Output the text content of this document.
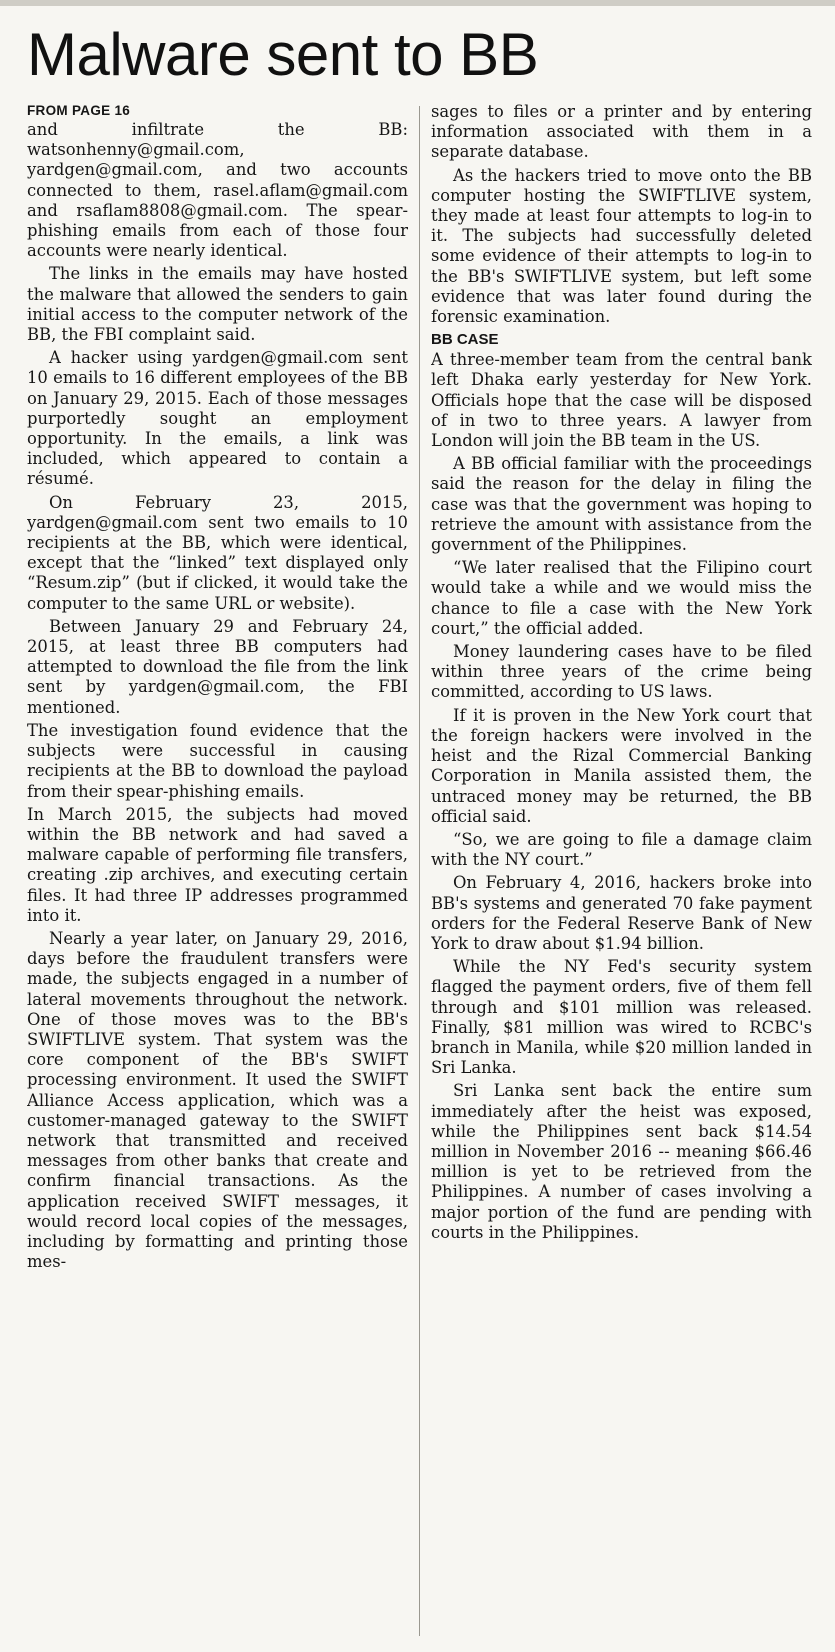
Malware sent to BB
FROM PAGE 16

and infiltrate the BB: watsonhenny@gmail.com, yardgen@gmail.com, and two accounts connected to them, rasel.aflam@gmail.com and rsaflam8808@gmail.com. The spear-phishing emails from each of those four accounts were nearly identical.

The links in the emails may have hosted the malware that allowed the senders to gain initial access to the computer network of the BB, the FBI complaint said.

A hacker using yardgen@gmail.com sent 10 emails to 16 different employees of the BB on January 29, 2015. Each of those messages purportedly sought an employment opportunity. In the emails, a link was included, which appeared to contain a résumé.

On February 23, 2015, yardgen@gmail.com sent two emails to 10 recipients at the BB, which were identical, except that the “linked” text displayed only “Resum.zip” (but if clicked, it would take the computer to the same URL or website).

Between January 29 and February 24, 2015, at least three BB computers had attempted to download the file from the link sent by yardgen@gmail.com, the FBI mentioned.

The investigation found evidence that the subjects were successful in causing recipients at the BB to download the payload from their spear-phishing emails.

In March 2015, the subjects had moved within the BB network and had saved a malware capable of performing file transfers, creating .zip archives, and executing certain files. It had three IP addresses programmed into it.

Nearly a year later, on January 29, 2016, days before the fraudulent transfers were made, the subjects engaged in a number of lateral movements throughout the network. One of those moves was to the BB's SWIFTLIVE system. That system was the core component of the BB's SWIFT processing environment. It used the SWIFT Alliance Access application, which was a customer-managed gateway to the SWIFT network that transmitted and received messages from other banks that create and confirm financial transactions. As the application received SWIFT messages, it would record local copies of the messages, including by formatting and printing those mes-

sages to files or a printer and by entering information associated with them in a separate database.

As the hackers tried to move onto the BB computer hosting the SWIFTLIVE system, they made at least four attempts to log-in to it. The subjects had successfully deleted some evidence of their attempts to log-in to the BB's SWIFTLIVE system, but left some evidence that was later found during the forensic examination.

BB CASE

A three-member team from the central bank left Dhaka early yesterday for New York. Officials hope that the case will be disposed of in two to three years. A lawyer from London will join the BB team in the US.

A BB official familiar with the proceedings said the reason for the delay in filing the case was that the government was hoping to retrieve the amount with assistance from the government of the Philippines.

“We later realised that the Filipino court would take a while and we would miss the chance to file a case with the New York court,” the official added.

Money laundering cases have to be filed within three years of the crime being committed, according to US laws.

If it is proven in the New York court that the foreign hackers were involved in the heist and the Rizal Commercial Banking Corporation in Manila assisted them, the untraced money may be returned, the BB official said.

“So, we are going to file a damage claim with the NY court.”

On February 4, 2016, hackers broke into BB's systems and generated 70 fake payment orders for the Federal Reserve Bank of New York to draw about $1.94 billion.

While the NY Fed's security system flagged the payment orders, five of them fell through and $101 million was released. Finally, $81 million was wired to RCBC's branch in Manila, while $20 million landed in Sri Lanka.

Sri Lanka sent back the entire sum immediately after the heist was exposed, while the Philippines sent back $14.54 million in November 2016 -- meaning $66.46 million is yet to be retrieved from the Philippines. A number of cases involving a major portion of the fund are pending with courts in the Philippines.
